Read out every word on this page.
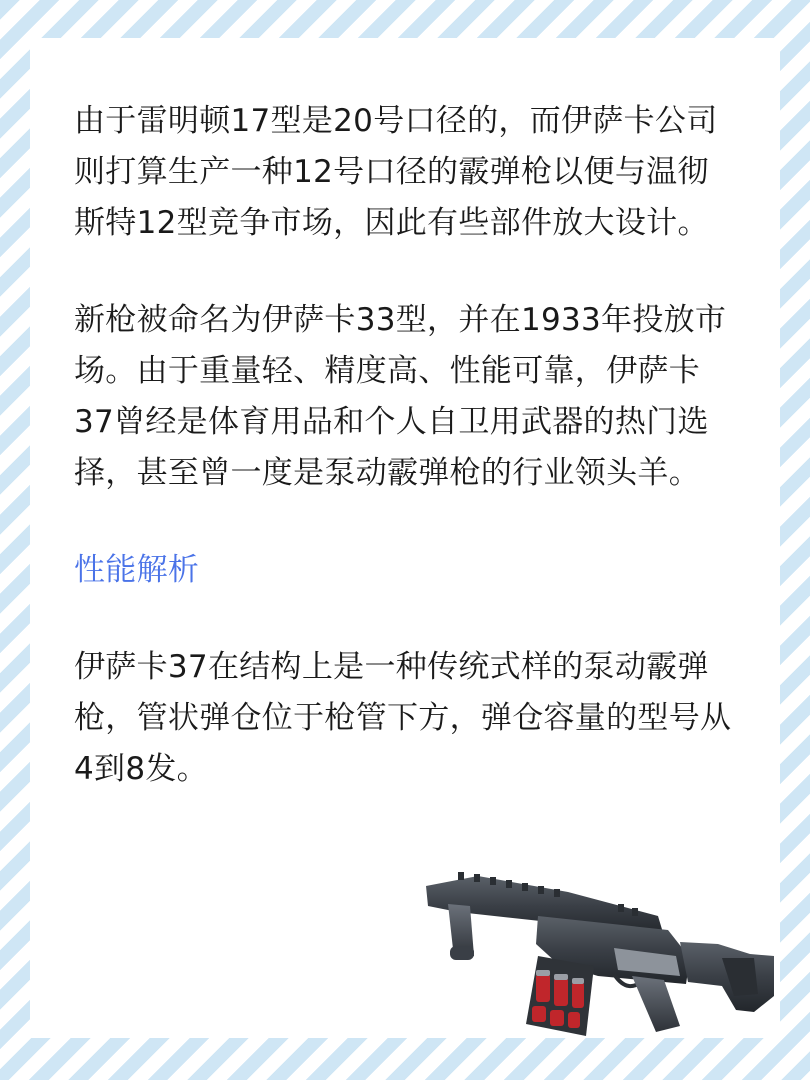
由于雷明顿17型是20号口径的，而伊萨卡公司则打算生产一种12号口径的霰弹枪以便与温彻斯特12型竞争市场，因此有些部件放大设计。

新枪被命名为伊萨卡33型，并在1933年投放市场。由于重量轻、精度高、性能可靠，伊萨卡37曾经是体育用品和个人自卫用武器的热门选择，甚至曾一度是泵动霰弹枪的行业领头羊。

性能解析

伊萨卡37在结构上是一种传统式样的泵动霰弹枪，管状弹仓位于枪管下方，弹仓容量的型号从4到8发。
